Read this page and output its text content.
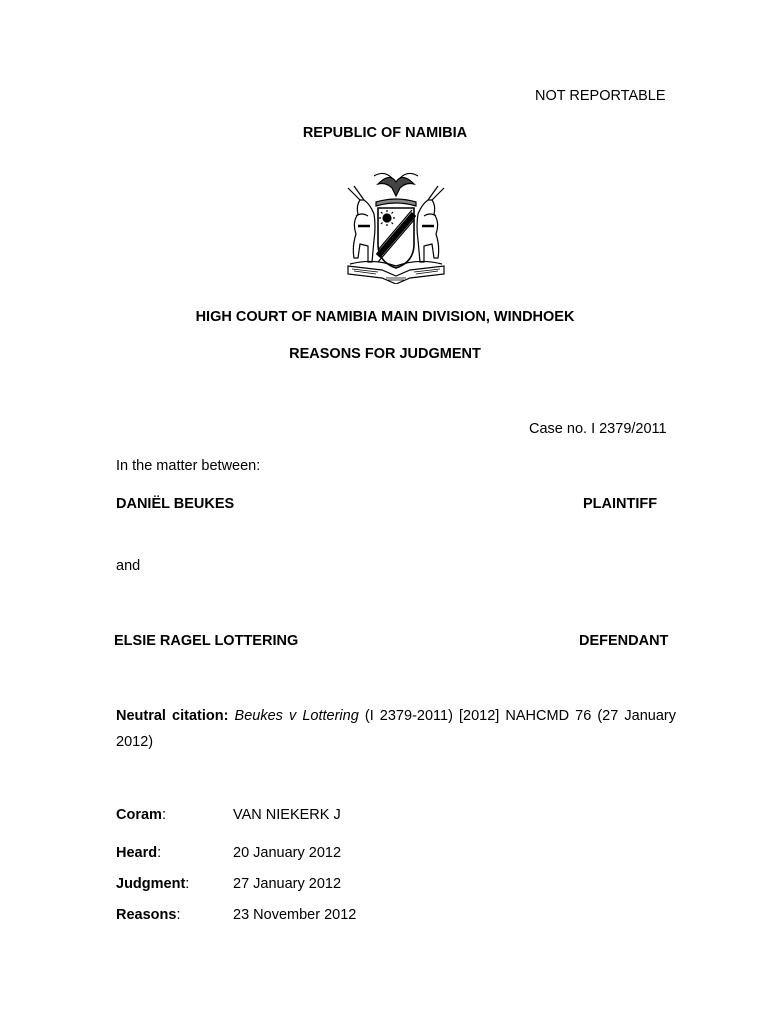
NOT REPORTABLE
REPUBLIC OF NAMIBIA
HIGH COURT OF NAMIBIA MAIN DIVISION, WINDHOEK
REASONS FOR JUDGMENT
Case no. I 2379/2011
In the matter between:
DANIËL BEUKES	PLAINTIFF
and
ELSIE RAGEL LOTTERING	DEFENDANT
Neutral citation: Beukes v Lottering (I 2379-2011) [2012] NAHCMD 76 (27 January 2012)
Coram:	VAN NIEKERK J
Heard:	20 January 2012
Judgment:	27 January 2012
Reasons:	23 November 2012
